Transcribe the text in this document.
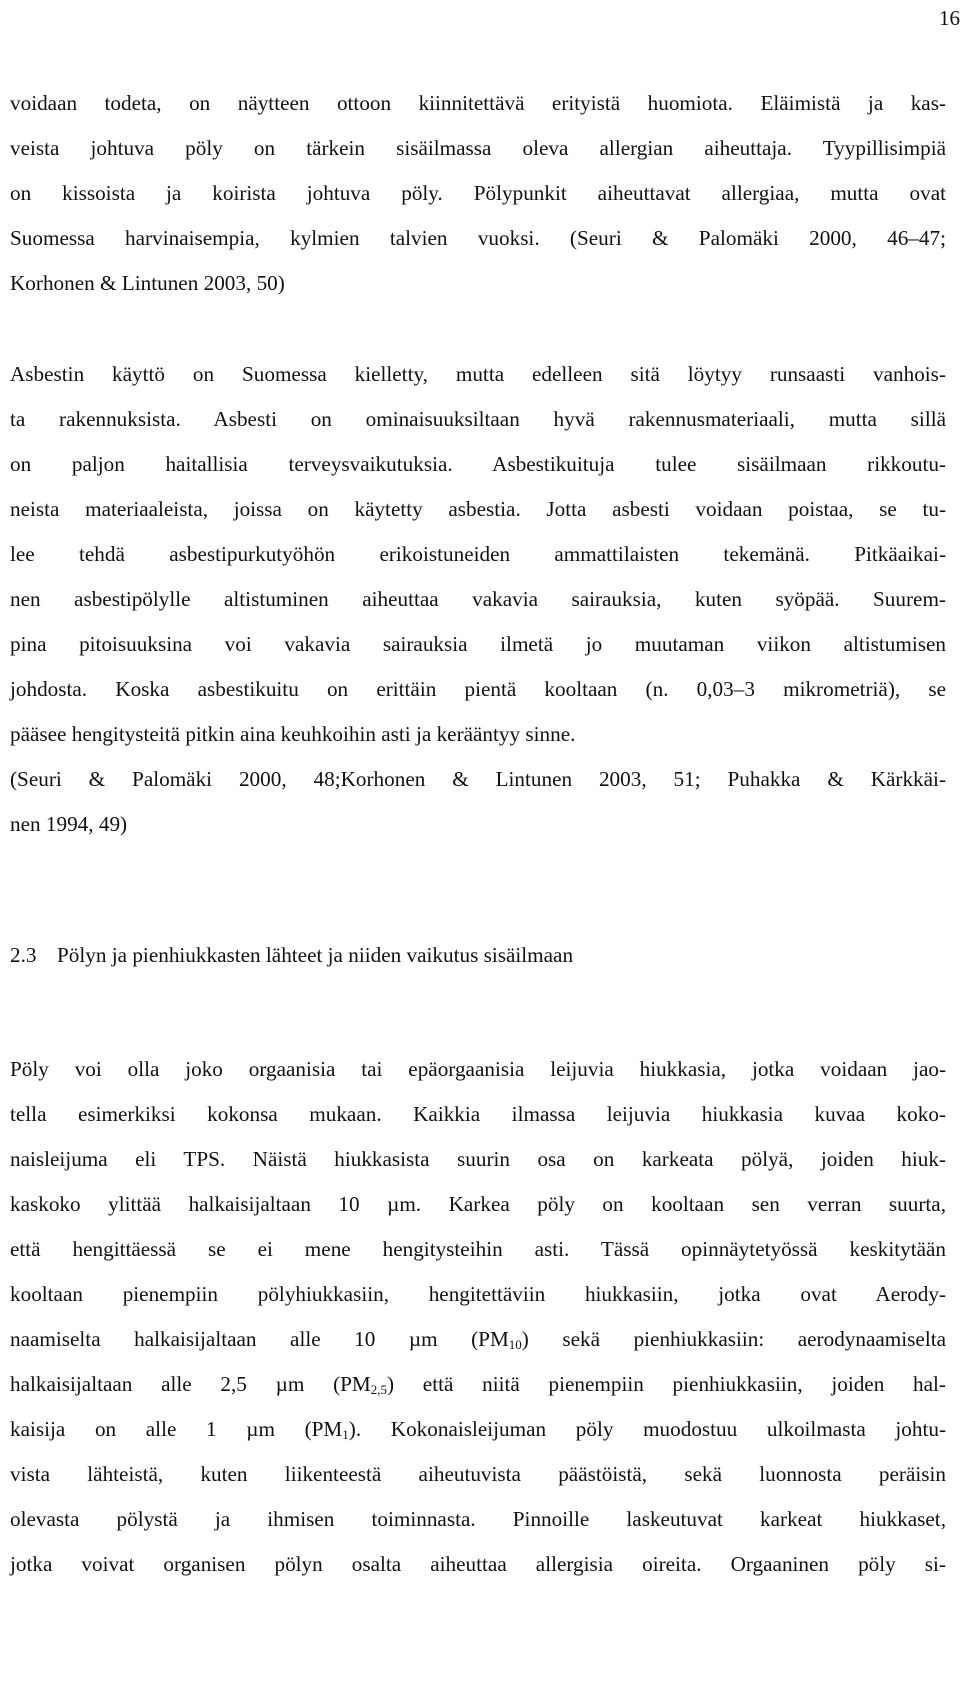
16
voidaan todeta, on näytteen ottoon kiinnitettävä erityistä huomiota. Eläimistä ja kas-
veista johtuva pöly on tärkein sisäilmassa oleva allergian aiheuttaja. Tyypillisimpiä
on kissoista ja koirista johtuva pöly. Pölypunkit aiheuttavat allergiaa, mutta ovat
Suomessa harvinaisempia, kylmien talvien vuoksi. (Seuri & Palomäki 2000, 46–47;
Korhonen & Lintunen 2003, 50)
Asbestin käyttö on Suomessa kielletty, mutta edelleen sitä löytyy runsaasti vanhois-
ta rakennuksista. Asbesti on ominaisuuksiltaan hyvä rakennusmateriaali, mutta sillä
on paljon haitallisia terveysvaikutuksia. Asbestikuituja tulee sisäilmaan rikkoutu-
neista materiaaleista, joissa on käytetty asbestia. Jotta asbesti voidaan poistaa, se tu-
lee tehdä asbestipurkutyöhön erikoistuneiden ammattilaisten tekemänä. Pitkäaikai-
nen asbestipölylle altistuminen aiheuttaa vakavia sairauksia, kuten syöpää. Suurem-
pina pitoisuuksina voi vakavia sairauksia ilmetä jo muutaman viikon altistumisen
johdosta. Koska asbestikuitu on erittäin pientä kooltaan (n. 0,03–3 mikrometriä), se
pääsee hengitysteitä pitkin aina keuhkoihin asti ja kerääntyy sinne.
(Seuri & Palomäki 2000, 48;Korhonen & Lintunen 2003, 51; Puhakka & Kärkkäi-
nen 1994, 49)
2.3 Pölyn ja pienhiukkasten lähteet ja niiden vaikutus sisäilmaan
Pöly voi olla joko orgaanisia tai epäorgaanisia leijuvia hiukkasia, jotka voidaan jao-
tella esimerkiksi kokonsa mukaan. Kaikkia ilmassa leijuvia hiukkasia kuvaa koko-
naisleijuma eli TPS. Näistä hiukkasista suurin osa on karkeata pölyä, joiden hiuk-
kaskoko ylittää halkaisijaltaan 10 µm. Karkea pöly on kooltaan sen verran suurta,
että hengittäessä se ei mene hengitysteihin asti. Tässä opinnäytetyössä keskitytään
kooltaan pienempiin pölyhiukkasiin, hengitettäviin hiukkasiin, jotka ovat Aerody-
naamiselta halkaisijaltaan alle 10 µm $(PM_{10})$ sekä pienhiukkasiin: aerodynaamiselta
halkaisijaltaan alle 2,5 µm $(PM_{2,5})$ että niitä pienempiin pienhiukkasiin, joiden hal-
kaisija on alle 1 µm $(PM_1)$. Kokonaisleijuman pöly muodostuu ulkoilmasta johtu-
vista lähteistä, kuten liikenteestä aiheutuvista päästöistä, sekä luonnosta peräisin
olevasta pölystä ja ihmisen toiminnasta. Pinnoille laskeutuvat karkeat hiukkaset,
jotka voivat organisen pölyn osalta aiheuttaa allergisia oireita. Orgaaninen pöly si-
